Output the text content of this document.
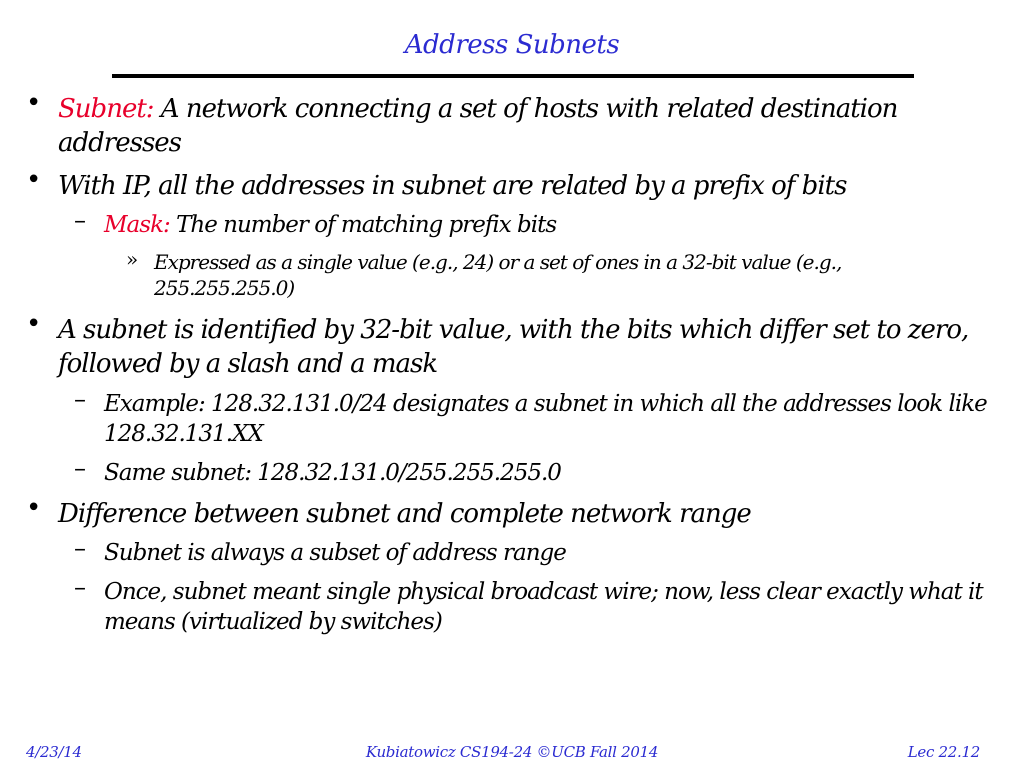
Address Subnets
• Subnet: A network connecting a set of hosts with related destination addresses
• With IP, all the addresses in subnet are related by a prefix of bits
– Mask: The number of matching prefix bits
» Expressed as a single value (e.g., 24) or a set of ones in a 32-bit value (e.g., 255.255.255.0)
• A subnet is identified by 32-bit value, with the bits which differ set to zero, followed by a slash and a mask
– Example: 128.32.131.0/24 designates a subnet in which all the addresses look like 128.32.131.XX
– Same subnet: 128.32.131.0/255.255.255.0
• Difference between subnet and complete network range
– Subnet is always a subset of address range
– Once, subnet meant single physical broadcast wire; now, less clear exactly what it means (virtualized by switches)
4/23/14	Kubiatowicz CS194-24 ©UCB Fall 2014	Lec 22.12
